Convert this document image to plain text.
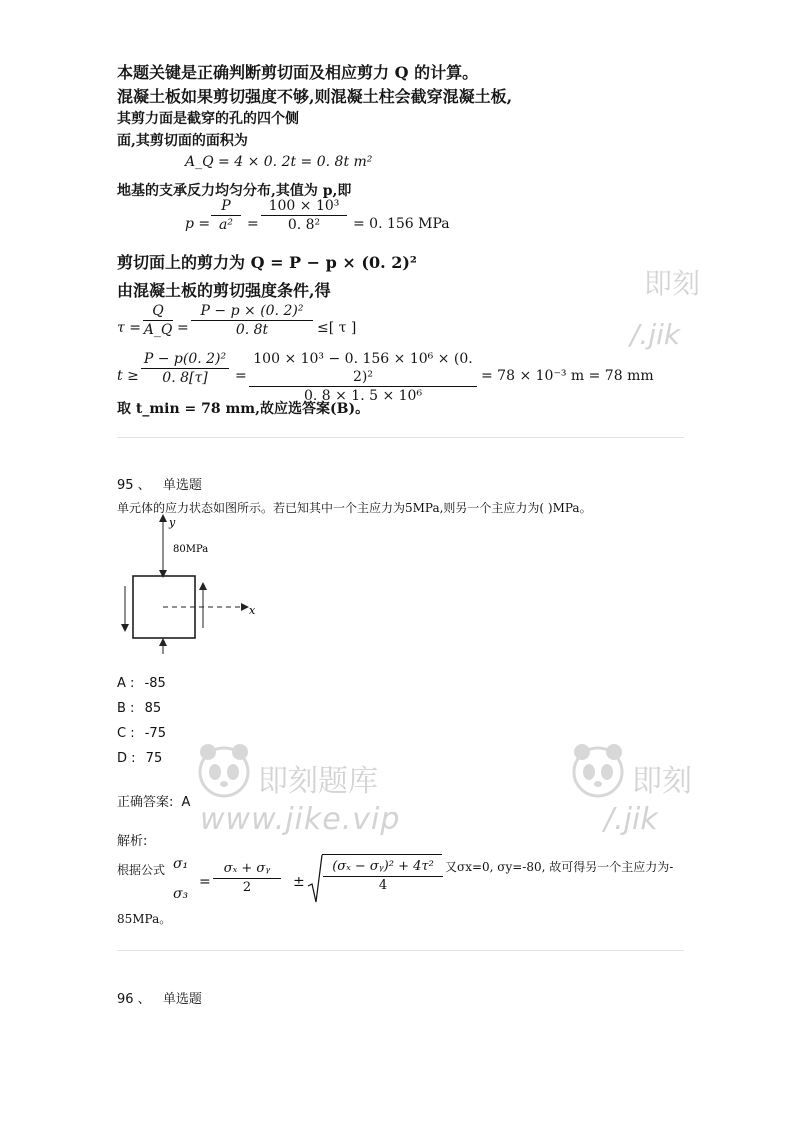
本题关键是正确判断剪切面及相应剪力 Q 的计算。
混凝土板如果剪切强度不够,则混凝土柱会截穿混凝土板,
其剪力面是截穿的孔的四个侧
面,其剪切面的面积为
A_Q = 4 × 0. 2t = 0. 8t m²
地基的支承反力均匀分布,其值为 p,即
$p = \frac{P}{\text{a²}} = \frac{\text{100 × 10³}}{\text{0. 8²}} = 0$. 156 MPa
剪切面上的剪力为 Q = P − p × (0. 2)²
由混凝土板的剪切强度条件,得
$\tau = \frac{Q}{A\_Q} = \frac{\text{P − p × (0. 2)²}}{0. 8t}$ ≤[ τ ]
$t \ge \frac{\text{P − p(0. 2)²}}{0. 8[\tau]} = \frac{\text{100 × 10³ − 0. 156 × 10⁶ × (0. 2)²}}{\text{0. 8 × 1. 5 × 10⁶}} = 78 \times 10^{-3}$ m = 78 mm
取 t_min = 78 mm,故应选答案(B)。
即刻
/.jik
95 、 单选题
单元体的应力状态如图所示。若已知其中一个主应力为5MPa,则另一个主应力为( )MPa。
y
80MPa
x
A : -85
B : 85
C : -75
D : 75
即刻题库
www.jike.vip
即刻
/.jik
正确答案: A
解析:
根据公式 σ₁
σ₃
= $\frac{\text{σₓ + σᵧ}}{2} \pm \frac{\text{(σₓ − σᵧ)² + 4τ²}}{4}$ 又σx=0, σy=-80, 故可得另一个主应力为-
85MPa。
96 、 单选题
